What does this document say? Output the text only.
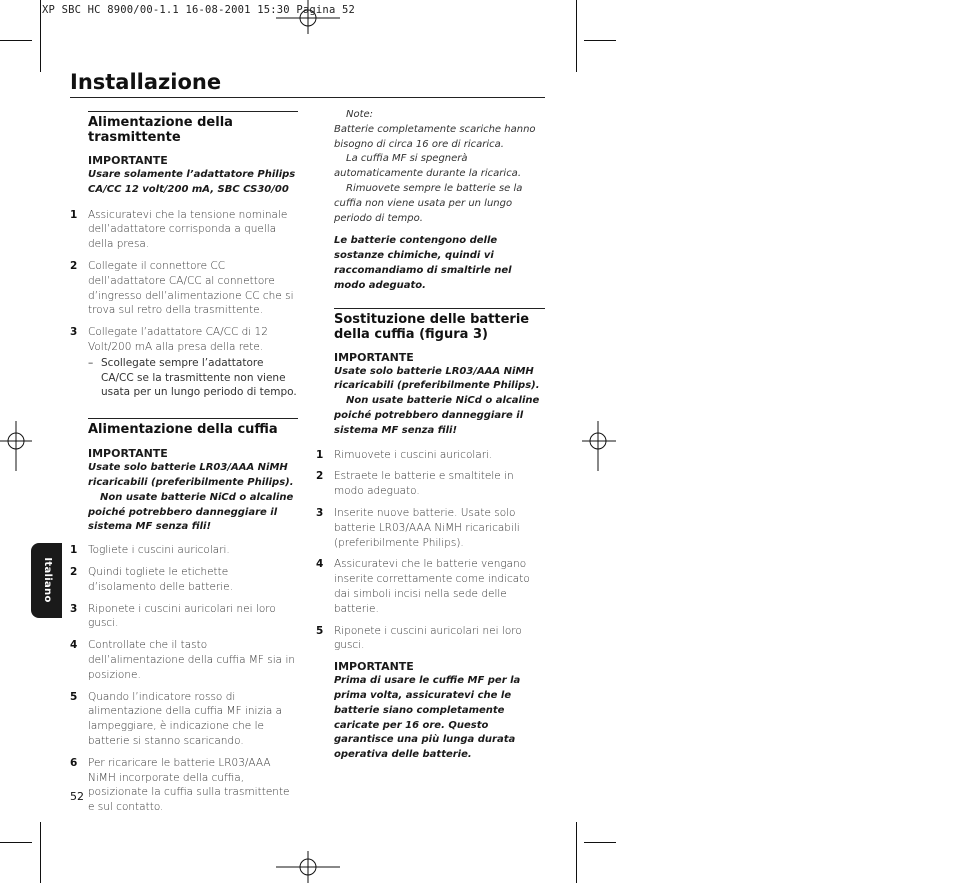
XP SBC HC 8900/00-1.1 16-08-2001 15:30 Pagina 52
Installazione
Alimentazione della trasmittente
IMPORTANTE

Usare solamente l’adattatore Philips CA/CC 12 volt/200 mA, SBC CS30/00

1	Assicuratevi che la tensione nominale dell’adattatore corrisponda a quella della presa.
2	Collegate il connettore CC dell’adattatore CA/CC al connettore d’ingresso dell’alimentazione CC che si trova sul retro della trasmittente.
3	Collegate l’adattatore CA/CC di 12 Volt/200 mA alla presa della rete.
– Scollegate sempre l’adattatore CA/CC se la trasmittente non viene usata per un lungo periodo di tempo.
Alimentazione della cuffia
IMPORTANTE

Usate solo batterie LR03/AAA NiMH ricaricabili (preferibilmente Philips).

Non usate batterie NiCd o alcaline poiché potrebbero danneggiare il sistema MF senza fili!

1	Togliete i cuscini auricolari.
2	Quindi togliete le etichette d’isolamento delle batterie.
3	Riponete i cuscini auricolari nei loro gusci.
4	Controllate che il tasto dell’alimentazione della cuffia MF sia in posizione.
5	Quando l’indicatore rosso di alimentazione della cuffia MF inizia a lampeggiare, è indicazione che le batterie si stanno scaricando.
6	Per ricaricare le batterie LR03/AAA NiMH incorporate della cuffia, posizionate la cuffia sulla trasmittente e sul contatto.

Note:

Batterie completamente scariche hanno bisogno di circa 16 ore di ricarica.

La cuffia MF si spegnerà automaticamente durante la ricarica.

Rimuovete sempre le batterie se la cuffia non viene usata per un lungo periodo di tempo.

Le batterie contengono delle sostanze chimiche, quindi vi raccomandiamo di smaltirle nel modo adeguato.

Sostituzione delle batterie della cuffia (figura 3)
IMPORTANTE

Usate solo batterie LR03/AAA NiMH ricaricabili (preferibilmente Philips).

Non usate batterie NiCd o alcaline poiché potrebbero danneggiare il sistema MF senza fili!

1	Rimuovete i cuscini auricolari.
2	Estraete le batterie e smaltitele in modo adeguato.
3	Inserite nuove batterie. Usate solo batterie LR03/AAA NiMH ricaricabili (preferibilmente Philips).
4	Assicuratevi che le batterie vengano inserite correttamente come indicato dai simboli incisi nella sede delle batterie.
5	Riponete i cuscini auricolari nei loro gusci.
IMPORTANTE

Prima di usare le cuffie MF per la prima volta, assicuratevi che le batterie siano completamente caricate per 16 ore. Questo garantisce una più lunga durata operativa delle batterie.

Italiano
52
